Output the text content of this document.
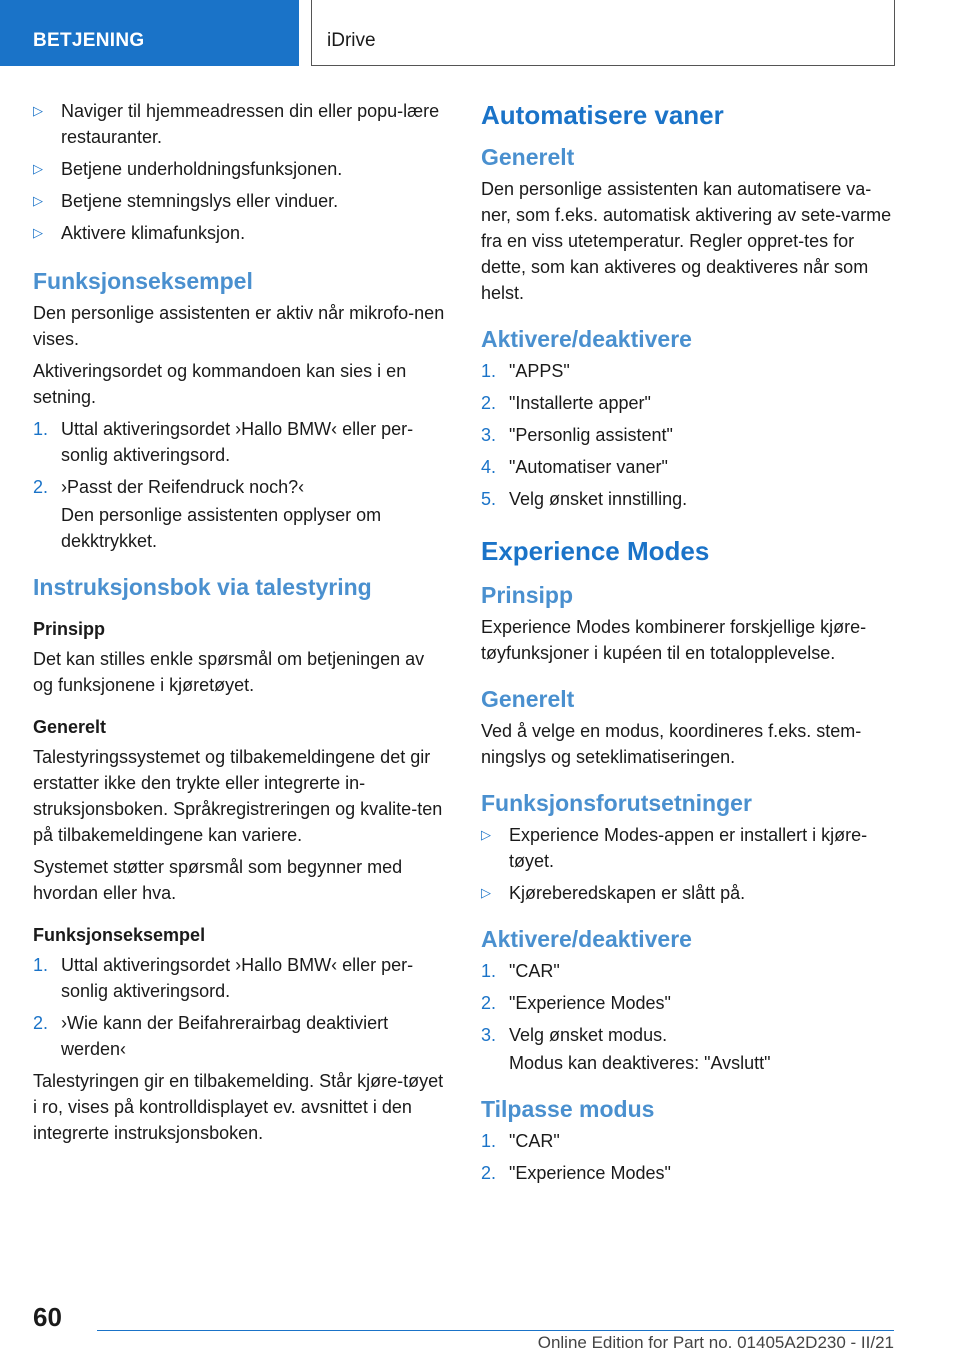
BETJENING	iDrive
▷	Naviger til hjemmeadressen din eller popu-lære restauranter.
▷	Betjene underholdningsfunksjonen.
▷	Betjene stemningslys eller vinduer.
▷	Aktivere klimafunksjon.
Funksjonseksempel

Den personlige assistenten er aktiv når mikrofo-nen vises.

Aktiveringsordet og kommandoen kan sies i en setning.

1. Uttal aktiveringsordet ›Hallo BMW‹ eller per-sonlig aktiveringsord.
2. ›Passt der Reifendruck noch?‹
Den personlige assistenten opplyser om dekktrykket.
Instruksjonsbok via talestyring
Prinsipp

Det kan stilles enkle spørsmål om betjeningen av og funksjonene i kjøretøyet.

Generelt

Talestyringssystemet og tilbakemeldingene det gir erstatter ikke den trykte eller integrerte in-struksjonsboken. Språkregistreringen og kvalite-ten på tilbakemeldingene kan variere.

Systemet støtter spørsmål som begynner med hvordan eller hva.

Funksjonseksempel
1. Uttal aktiveringsordet ›Hallo BMW‹ eller per-sonlig aktiveringsord.
2. ›Wie kann der Beifahrerairbag deaktiviert werden‹

Talestyringen gir en tilbakemelding. Står kjøre-tøyet i ro, vises på kontrolldisplayet ev. avsnittet i den integrerte instruksjonsboken.

Automatisere vaner
Generelt

Den personlige assistenten kan automatisere va-ner, som f.eks. automatisk aktivering av sete-varme fra en viss utetemperatur. Regler oppret-tes for dette, som kan aktiveres og deaktiveres når som helst.

Aktivere/deaktivere
1. "APPS"
2. "Installerte apper"
3. "Personlig assistent"
4. "Automatiser vaner"
5. Velg ønsket innstilling.
Experience Modes
Prinsipp

Experience Modes kombinerer forskjellige kjøre-tøyfunksjoner i kupéen til en totalopplevelse.

Generelt

Ved å velge en modus, koordineres f.eks. stem-ningslys og seteklimatiseringen.

Funksjonsforutsetninger
▷	Experience Modes-appen er installert i kjøre-tøyet.
▷	Kjøreberedskapen er slått på.
Aktivere/deaktivere
1. "CAR"
2. "Experience Modes"
3. Velg ønsket modus.
Modus kan deaktiveres: "Avslutt"
Tilpasse modus
1. "CAR"
2. "Experience Modes"
60
Online Edition for Part no. 01405A2D230 - II/21
